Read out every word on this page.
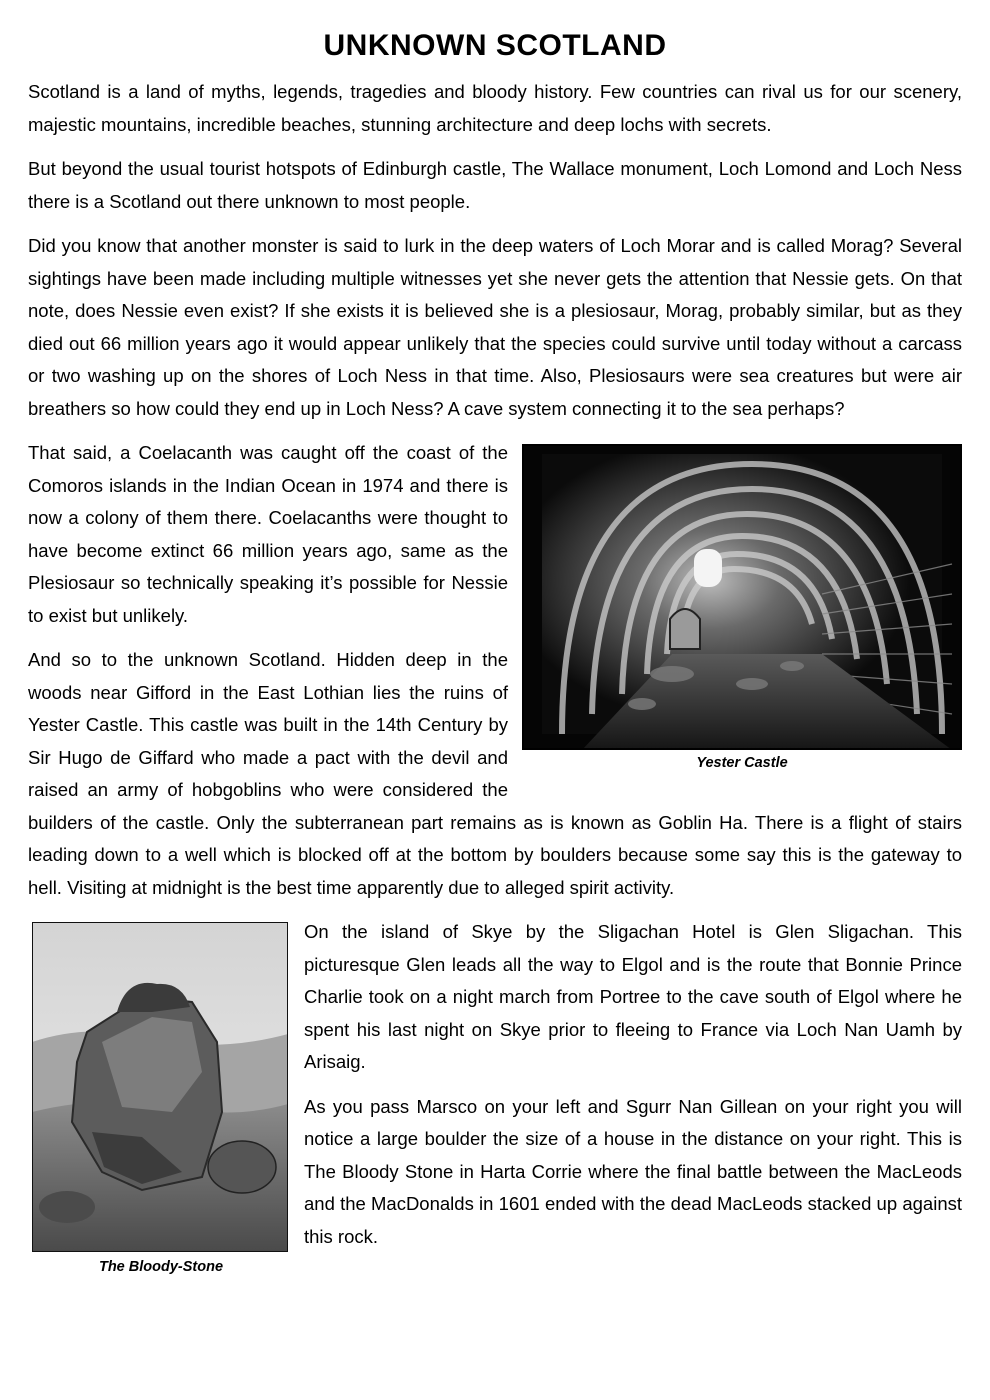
UNKNOWN SCOTLAND

Scotland is a land of myths, legends, tragedies and bloody history. Few countries can rival us for our scenery, majestic mountains, incredible beaches, stunning architecture and deep lochs with secrets.

But beyond the usual tourist hotspots of Edinburgh castle, The Wallace monument, Loch Lomond and Loch Ness there is a Scotland out there unknown to most people.

Did you know that another monster is said to lurk in the deep waters of Loch Morar and is called Morag? Several sightings have been made including multiple witnesses yet she never gets the attention that Nessie gets. On that note, does Nessie even exist? If she exists it is believed she is a plesiosaur, Morag, probably similar, but as they died out 66 million years ago it would appear unlikely that the species could survive until today without a carcass or two washing up on the shores of Loch Ness in that time. Also, Plesiosaurs were sea creatures but were air breathers so how could they end up in Loch Ness? A cave system connecting it to the sea perhaps?

Yester Castle
That said, a Coelacanth was caught off the coast of the Comoros islands in the Indian Ocean in 1974 and there is now a colony of them there. Coelacanths were thought to have become extinct 66 million years ago, same as the Plesiosaur so technically speaking it’s possible for Nessie to exist but unlikely.

And so to the unknown Scotland. Hidden deep in the woods near Gifford in the East Lothian lies the ruins of Yester Castle. This castle was built in the 14th Century by Sir Hugo de Giffard who made a pact with the devil and raised an army of hobgoblins who were considered the builders of the castle. Only the subterranean part remains as is known as Goblin Ha. There is a flight of stairs leading down to a well which is blocked off at the bottom by boulders because some say this is the gateway to hell. Visiting at midnight is the best time apparently due to alleged spirit activity.

The Bloody-Stone
On the island of Skye by the Sligachan Hotel is Glen Sligachan. This picturesque Glen leads all the way to Elgol and is the route that Bonnie Prince Charlie took on a night march from Portree to the cave south of Elgol where he spent his last night on Skye prior to fleeing to France via Loch Nan Uamh by Arisaig.

As you pass Marsco on your left and Sgurr Nan Gillean on your right you will notice a large boulder the size of a house in the distance on your right. This is The Bloody Stone in Harta Corrie where the final battle between the MacLeods and the MacDonalds in 1601 ended with the dead MacLeods stacked up against this rock.
